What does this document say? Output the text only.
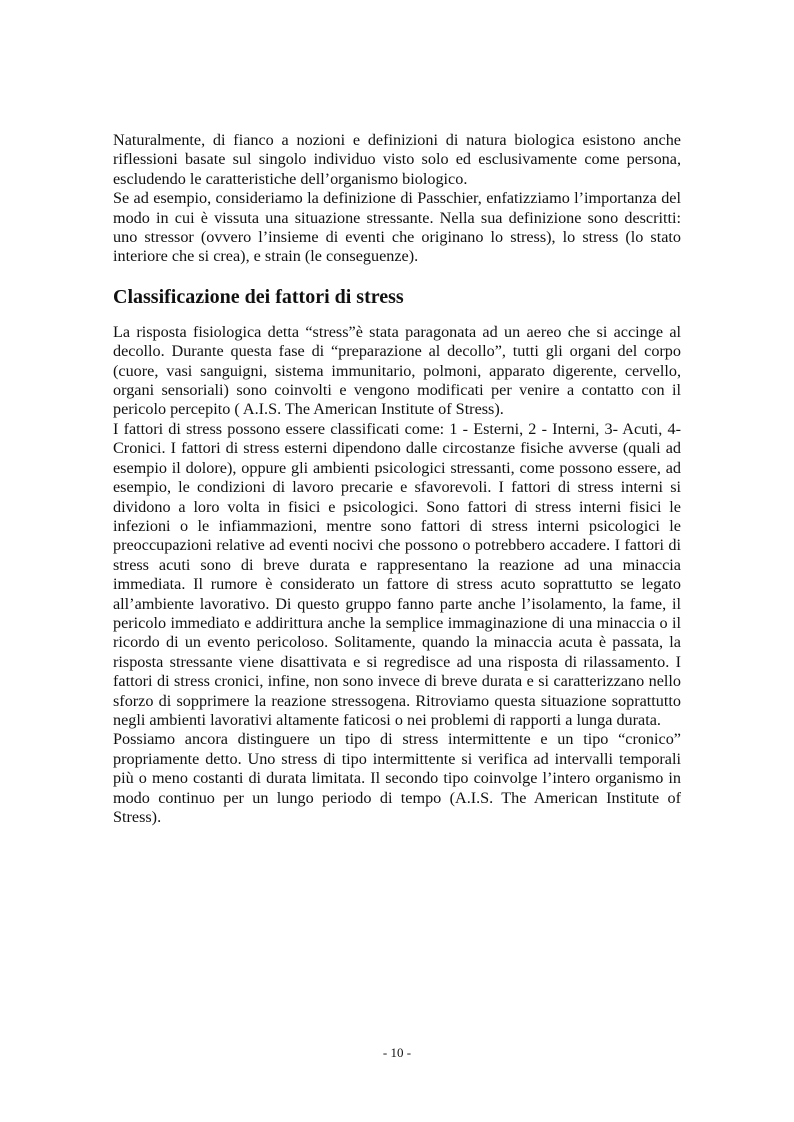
Naturalmente, di fianco a nozioni e definizioni di natura biologica esistono anche riflessioni basate sul singolo individuo visto solo ed esclusivamente come persona, escludendo le caratteristiche dell’organismo biologico.

Se ad esempio, consideriamo la definizione di Passchier, enfatizziamo l’importanza del modo in cui è vissuta una situazione stressante. Nella sua definizione sono descritti: uno stressor (ovvero l’insieme di eventi che originano lo stress), lo stress (lo stato interiore che si crea), e strain (le conseguenze).

Classificazione dei fattori di stress

La risposta fisiologica detta “stress”è stata paragonata ad un aereo che si accinge al decollo. Durante questa fase di “preparazione al decollo”, tutti gli organi del corpo (cuore, vasi sanguigni, sistema immunitario, polmoni, apparato digerente, cervello, organi sensoriali) sono coinvolti e vengono modificati per venire a contatto con il pericolo percepito ( A.I.S. The American Institute of Stress).

I fattori di stress possono essere classificati come: 1 - Esterni, 2 - Interni, 3- Acuti, 4- Cronici. I fattori di stress esterni dipendono dalle circostanze fisiche avverse (quali ad esempio il dolore), oppure gli ambienti psicologici stressanti, come possono essere, ad esempio, le condizioni di lavoro precarie e sfavorevoli. I fattori di stress interni si dividono a loro volta in fisici e psicologici. Sono fattori di stress interni fisici le infezioni o le infiammazioni, mentre sono fattori di stress interni psicologici le preoccupazioni relative ad eventi nocivi che possono o potrebbero accadere. I fattori di stress acuti sono di breve durata e rappresentano la reazione ad una minaccia immediata. Il rumore è considerato un fattore di stress acuto soprattutto se legato all’ambiente lavorativo. Di questo gruppo fanno parte anche l’isolamento, la fame, il pericolo immediato e addirittura anche la semplice immaginazione di una minaccia o il ricordo di un evento pericoloso. Solitamente, quando la minaccia acuta è passata, la risposta stressante viene disattivata e si regredisce ad una risposta di rilassamento. I fattori di stress cronici, infine, non sono invece di breve durata e si caratterizzano nello sforzo di sopprimere la reazione stressogena. Ritroviamo questa situazione soprattutto negli ambienti lavorativi altamente faticosi o nei problemi di rapporti a lunga durata.

Possiamo ancora distinguere un tipo di stress intermittente e un tipo “cronico” propriamente detto. Uno stress di tipo intermittente si verifica ad intervalli temporali più o meno costanti di durata limitata. Il secondo tipo coinvolge l’intero organismo in modo continuo per un lungo periodo di tempo (A.I.S. The American Institute of Stress).

- 10 -
